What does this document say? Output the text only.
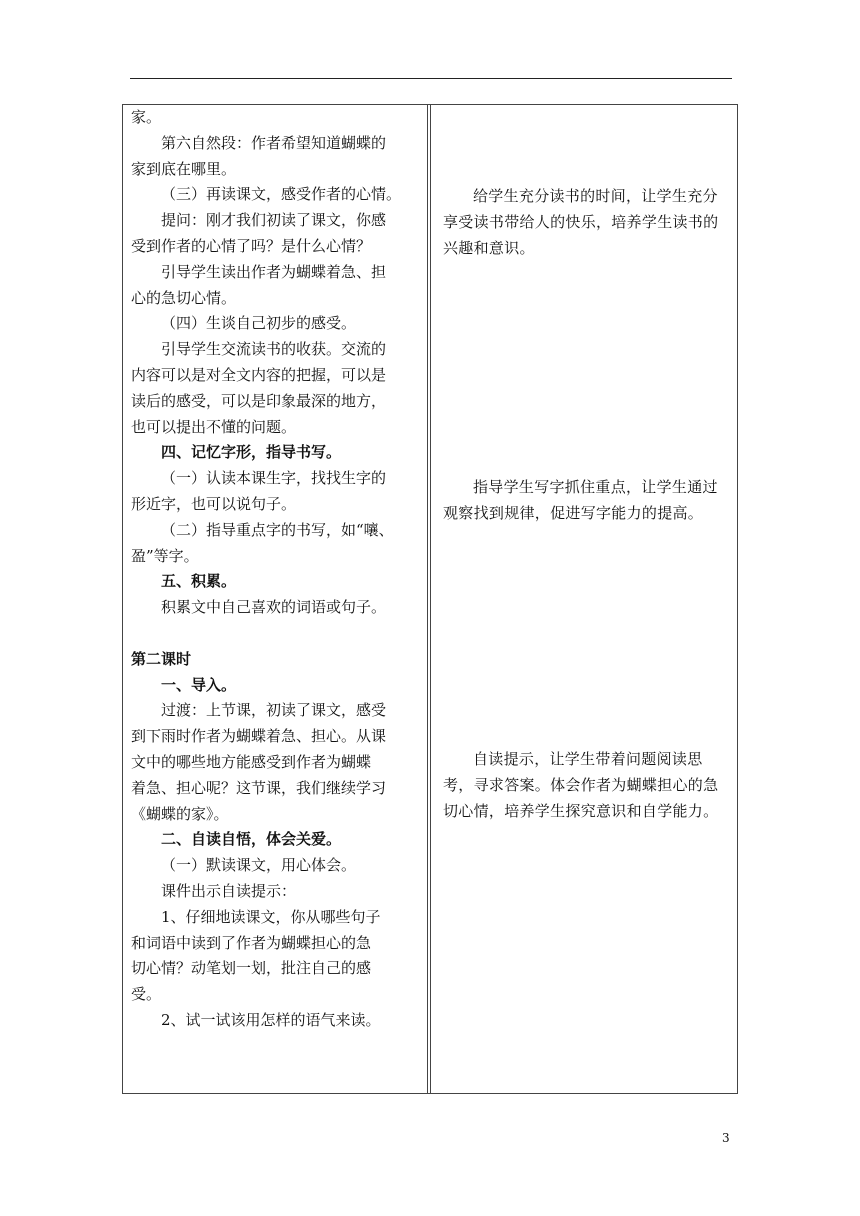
家。
第六自然段：作者希望知道蝴蝶的
家到底在哪里。
（三）再读课文，感受作者的心情。
提问：刚才我们初读了课文，你感
受到作者的心情了吗？是什么心情？
引导学生读出作者为蝴蝶着急、担
心的急切心情。
（四）生谈自己初步的感受。
引导学生交流读书的收获。交流的
内容可以是对全文内容的把握，可以是
读后的感受，可以是印象最深的地方，
也可以提出不懂的问题。
四、记忆字形，指导书写。
（一）认读本课生字，找找生字的
形近字，也可以说句子。
（二）指导重点字的书写，如“嚷、
盈”等字。
五、积累。
积累文中自己喜欢的词语或句子。
第二课时
一、导入。
过渡：上节课，初读了课文，感受
到下雨时作者为蝴蝶着急、担心。从课
文中的哪些地方能感受到作者为蝴蝶
着急、担心呢？这节课，我们继续学习
《蝴蝶的家》。
二、自读自悟，体会关爱。
（一）默读课文，用心体会。
课件出示自读提示：
1、仔细地读课文，你从哪些句子
和词语中读到了作者为蝴蝶担心的急
切心情？动笔划一划，批注自己的感
受。
2、试一试该用怎样的语气来读。
给学生充分读书的时间，让学生充分享受读书带给人的快乐，培养学生读书的兴趣和意识。
指导学生写字抓住重点，让学生通过观察找到规律，促进写字能力的提高。
自读提示，让学生带着问题阅读思考，寻求答案。体会作者为蝴蝶担心的急切心情，培养学生探究意识和自学能力。
3
